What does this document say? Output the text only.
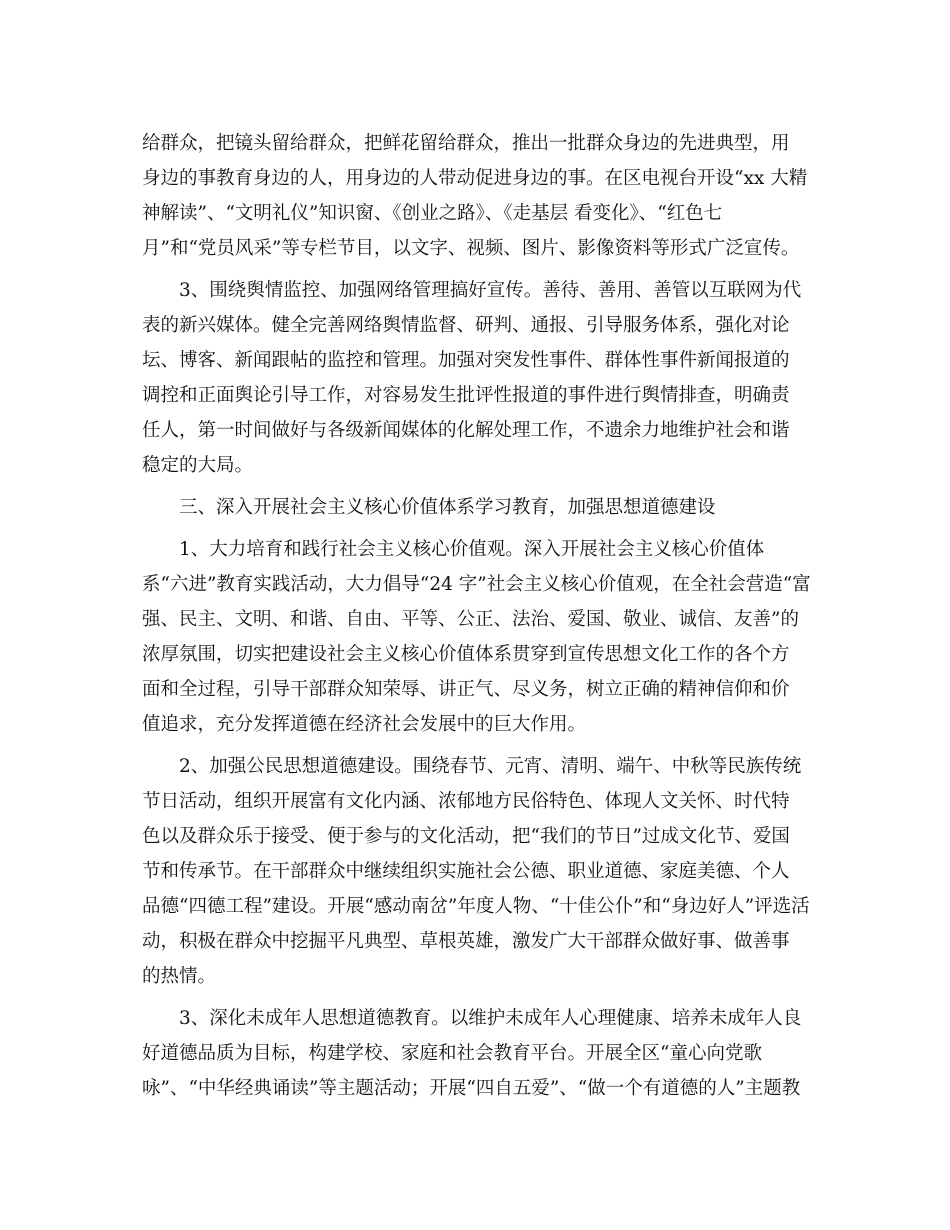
给群众，把镜头留给群众，把鲜花留给群众，推出一批群众身边的先进典型，用
身边的事教育身边的人，用身边的人带动促进身边的事。在区电视台开设“xx 大精
神解读”、“文明礼仪”知识窗、《创业之路》、《走基层 看变化》、“红色七
月”和“党员风采”等专栏节目，以文字、视频、图片、影像资料等形式广泛宣传。
3、围绕舆情监控、加强网络管理搞好宣传。善待、善用、善管以互联网为代
表的新兴媒体。健全完善网络舆情监督、研判、通报、引导服务体系，强化对论
坛、博客、新闻跟帖的监控和管理。加强对突发性事件、群体性事件新闻报道的
调控和正面舆论引导工作，对容易发生批评性报道的事件进行舆情排查，明确责
任人，第一时间做好与各级新闻媒体的化解处理工作，不遗余力地维护社会和谐
稳定的大局。
三、深入开展社会主义核心价值体系学习教育，加强思想道德建设
1、大力培育和践行社会主义核心价值观。深入开展社会主义核心价值体
系“六进”教育实践活动，大力倡导“24 字”社会主义核心价值观，在全社会营造“富
强、民主、文明、和谐、自由、平等、公正、法治、爱国、敬业、诚信、友善”的
浓厚氛围，切实把建设社会主义核心价值体系贯穿到宣传思想文化工作的各个方
面和全过程，引导干部群众知荣辱、讲正气、尽义务，树立正确的精神信仰和价
值追求，充分发挥道德在经济社会发展中的巨大作用。
2、加强公民思想道德建设。围绕春节、元宵、清明、端午、中秋等民族传统
节日活动，组织开展富有文化内涵、浓郁地方民俗特色、体现人文关怀、时代特
色以及群众乐于接受、便于参与的文化活动，把“我们的节日”过成文化节、爱国
节和传承节。在干部群众中继续组织实施社会公德、职业道德、家庭美德、个人
品德“四德工程”建设。开展“感动南岔”年度人物、“十佳公仆”和“身边好人”评选活
动，积极在群众中挖掘平凡典型、草根英雄，激发广大干部群众做好事、做善事
的热情。
3、深化未成年人思想道德教育。以维护未成年人心理健康、培养未成年人良
好道德品质为目标，构建学校、家庭和社会教育平台。开展全区“童心向党歌
咏”、“中华经典诵读”等主题活动；开展“四自五爱”、“做一个有道德的人”主题教
